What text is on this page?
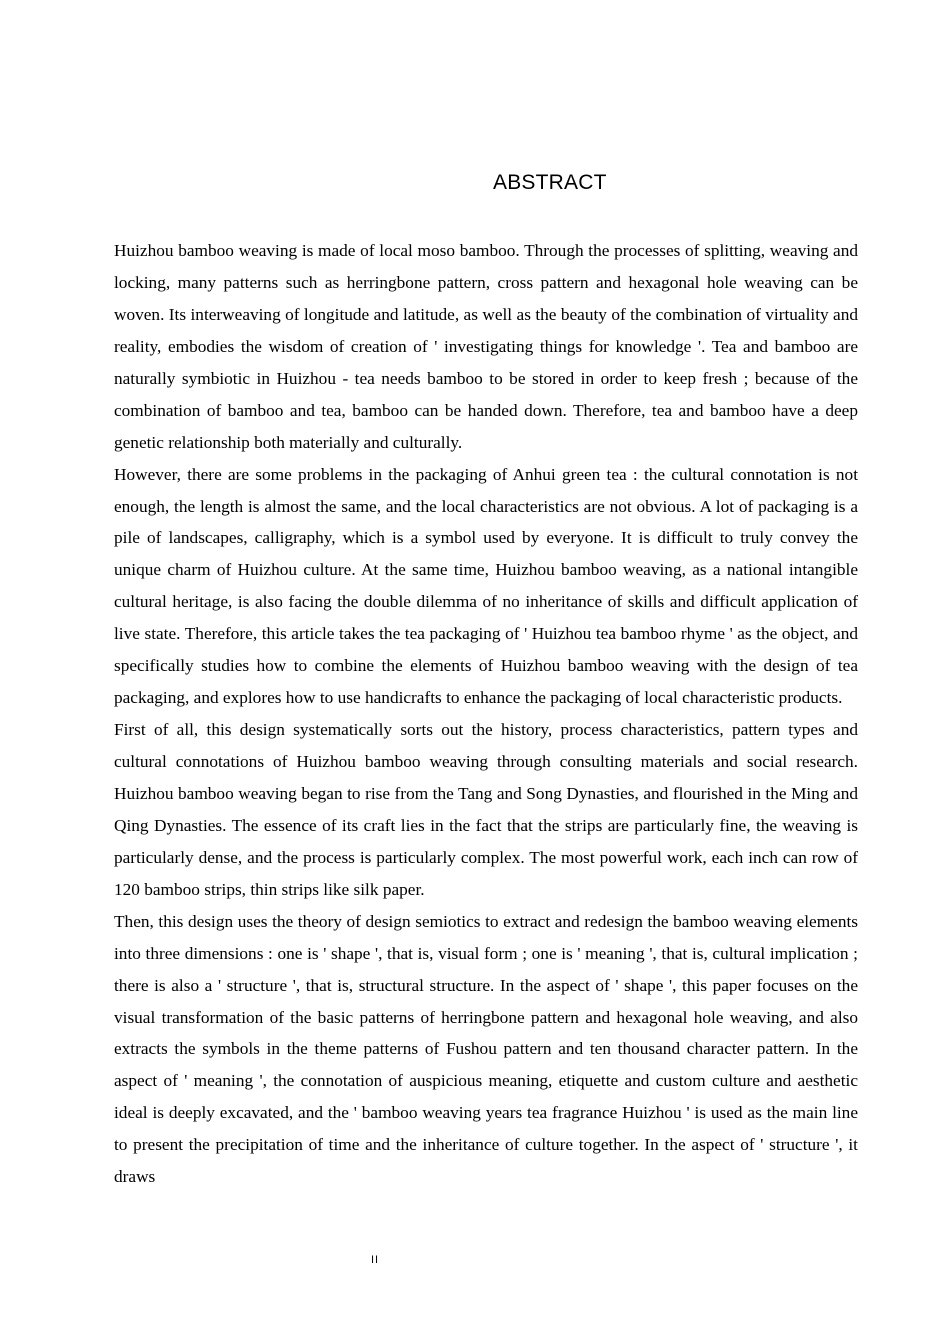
ABSTRACT

Huizhou bamboo weaving is made of local moso bamboo. Through the processes of splitting, weaving and locking, many patterns such as herringbone pattern, cross pattern and hexagonal hole weaving can be woven. Its interweaving of longitude and latitude, as well as the beauty of the combination of virtuality and reality, embodies the wisdom of creation of ' investigating things for knowledge '. Tea and bamboo are naturally symbiotic in Huizhou - tea needs bamboo to be stored in order to keep fresh ; because of the combination of bamboo and tea, bamboo can be handed down. Therefore, tea and bamboo have a deep genetic relationship both materially and culturally.

However, there are some problems in the packaging of Anhui green tea : the cultural connotation is not enough, the length is almost the same, and the local characteristics are not obvious. A lot of packaging is a pile of landscapes, calligraphy, which is a symbol used by everyone. It is difficult to truly convey the unique charm of Huizhou culture. At the same time, Huizhou bamboo weaving, as a national intangible cultural heritage, is also facing the double dilemma of no inheritance of skills and difficult application of live state. Therefore, this article takes the tea packaging of ' Huizhou tea bamboo rhyme ' as the object, and specifically studies how to combine the elements of Huizhou bamboo weaving with the design of tea packaging, and explores how to use handicrafts to enhance the packaging of local characteristic products.

First of all, this design systematically sorts out the history, process characteristics, pattern types and cultural connotations of Huizhou bamboo weaving through consulting materials and social research. Huizhou bamboo weaving began to rise from the Tang and Song Dynasties, and flourished in the Ming and Qing Dynasties. The essence of its craft lies in the fact that the strips are particularly fine, the weaving is particularly dense, and the process is particularly complex. The most powerful work, each inch can row of 120 bamboo strips, thin strips like silk paper.

Then, this design uses the theory of design semiotics to extract and redesign the bamboo weaving elements into three dimensions : one is ' shape ', that is, visual form ; one is ' meaning ', that is, cultural implication ; there is also a ' structure ', that is, structural structure. In the aspect of ' shape ', this paper focuses on the visual transformation of the basic patterns of herringbone pattern and hexagonal hole weaving, and also extracts the symbols in the theme patterns of Fushou pattern and ten thousand character pattern. In the aspect of ' meaning ', the connotation of auspicious meaning, etiquette and custom culture and aesthetic ideal is deeply excavated, and the ' bamboo weaving years tea fragrance Huizhou ' is used as the main line to present the precipitation of time and the inheritance of culture together. In the aspect of ' structure ', it draws

II
